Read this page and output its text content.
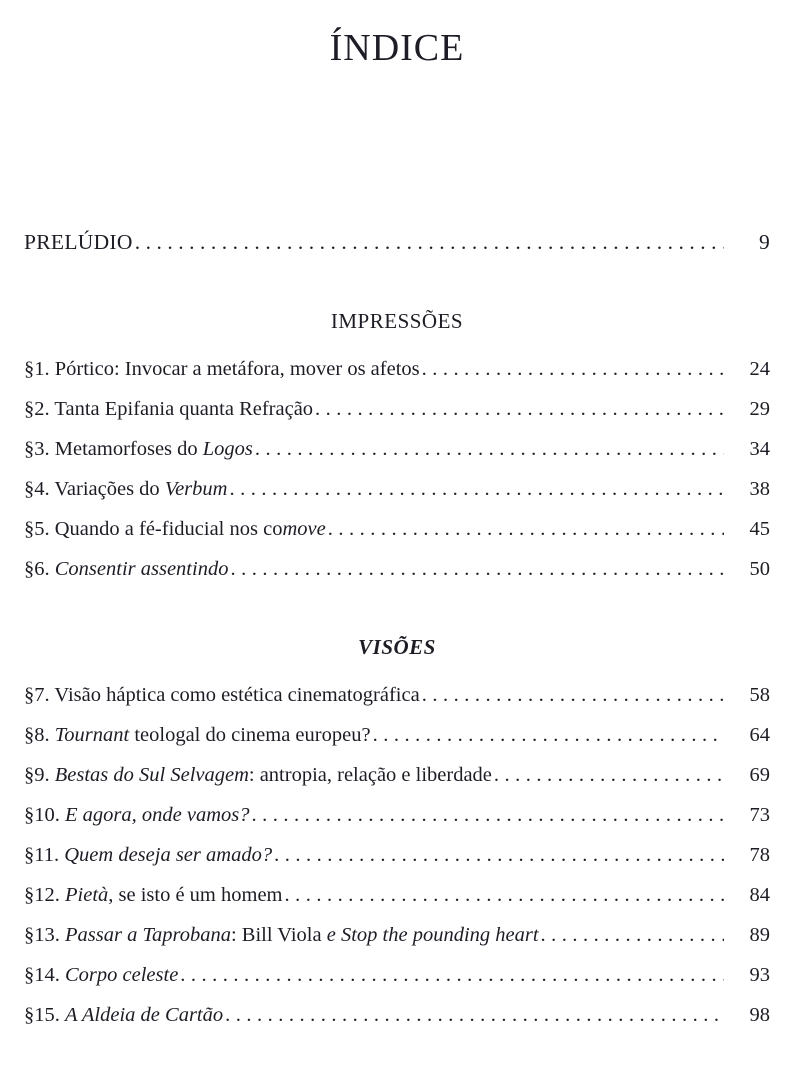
ÍNDICE
PRELÚDIO .....	9
IMPRESSÕES
§1. Pórtico: Invocar a metáfora, mover os afetos .....	24
§2. Tanta Epifania quanta Refração .....	29
§3. Metamorfoses do Logos .....	34
§4. Variações do Verbum .....	38
§5. Quando a fé-fiducial nos comove .....	45
§6. Consentir assentindo .....	50
VISÕES
§7. Visão háptica como estética cinematográfica .....	58
§8. Tournant teologal do cinema europeu? .....	64
§9. Bestas do Sul Selvagem: antropia, relação e liberdade .....	69
§10. E agora, onde vamos? .....	73
§11. Quem deseja ser amado? .....	78
§12. Pietà, se isto é um homem .....	84
§13. Passar a Taprobana: Bill Viola e Stop the pounding heart .....	89
§14. Corpo celeste .....	93
§15. A Aldeia de Cartão .....	98
